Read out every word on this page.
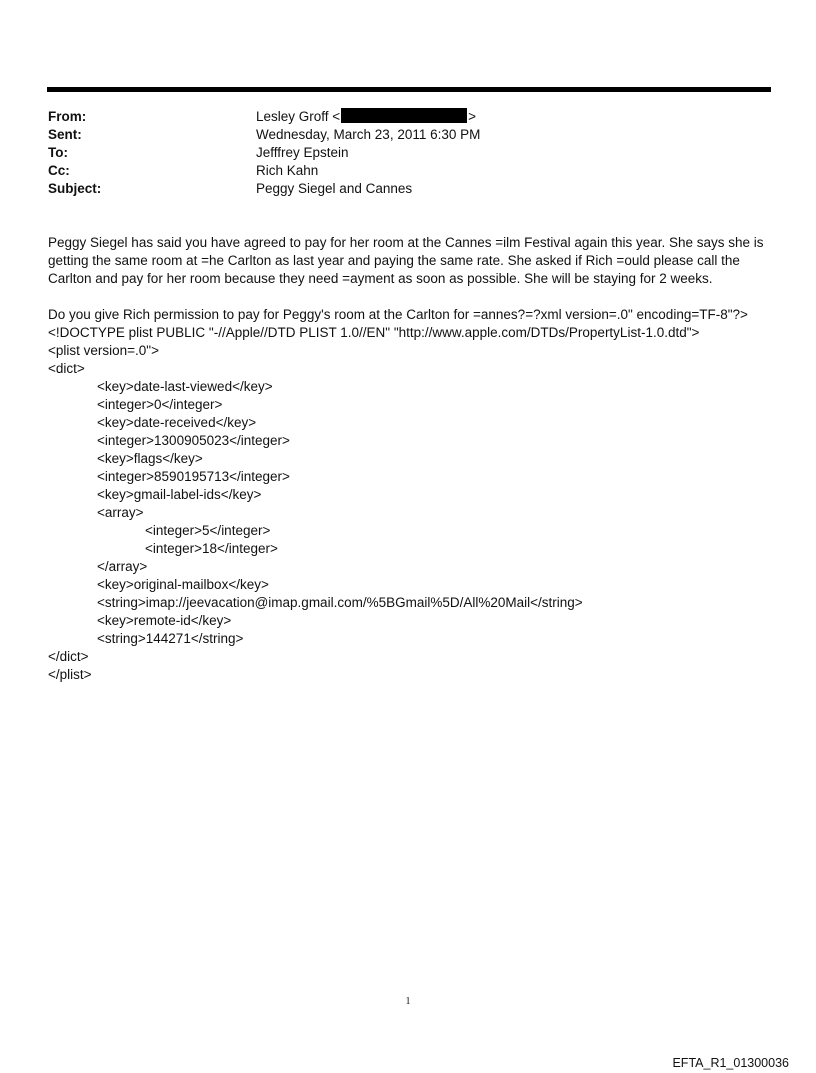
From:	Lesley Groff <	>
Sent:	Wednesday, March 23, 2011 6:30 PM
To:	Jefffrey Epstein
Cc:	Rich Kahn
Subject:	Peggy Siegel and Cannes
Peggy Siegel has said you have agreed to pay for her room at the Cannes =ilm Festival again this year. She says she is
getting the same room at =he Carlton as last year and paying the same rate. She asked if Rich =ould please call the
Carlton and pay for her room because they need =ayment as soon as possible. She will be staying for 2 weeks.
Do you give Rich permission to pay for Peggy's room at the Carlton for =annes?=?xml version=.0" encoding=TF-8"?>
<!DOCTYPE plist PUBLIC "-//Apple//DTD PLIST 1.0//EN" "http://www.apple.com/DTDs/PropertyList-1.0.dtd">
<plist version=.0">
<dict>
<key>date-last-viewed</key>
<integer>0</integer>
<key>date-received</key>
<integer>1300905023</integer>
<key>flags</key>
<integer>8590195713</integer>
<key>gmail-label-ids</key>
<array>
<integer>5</integer>
<integer>18</integer>
</array>
<key>original-mailbox</key>
<string>imap://jeevacation@imap.gmail.com/%5BGmail%5D/All%20Mail</string>
<key>remote-id</key>
<string>144271</string>
</dict>
</plist>
1
EFTA_R1_01300036
